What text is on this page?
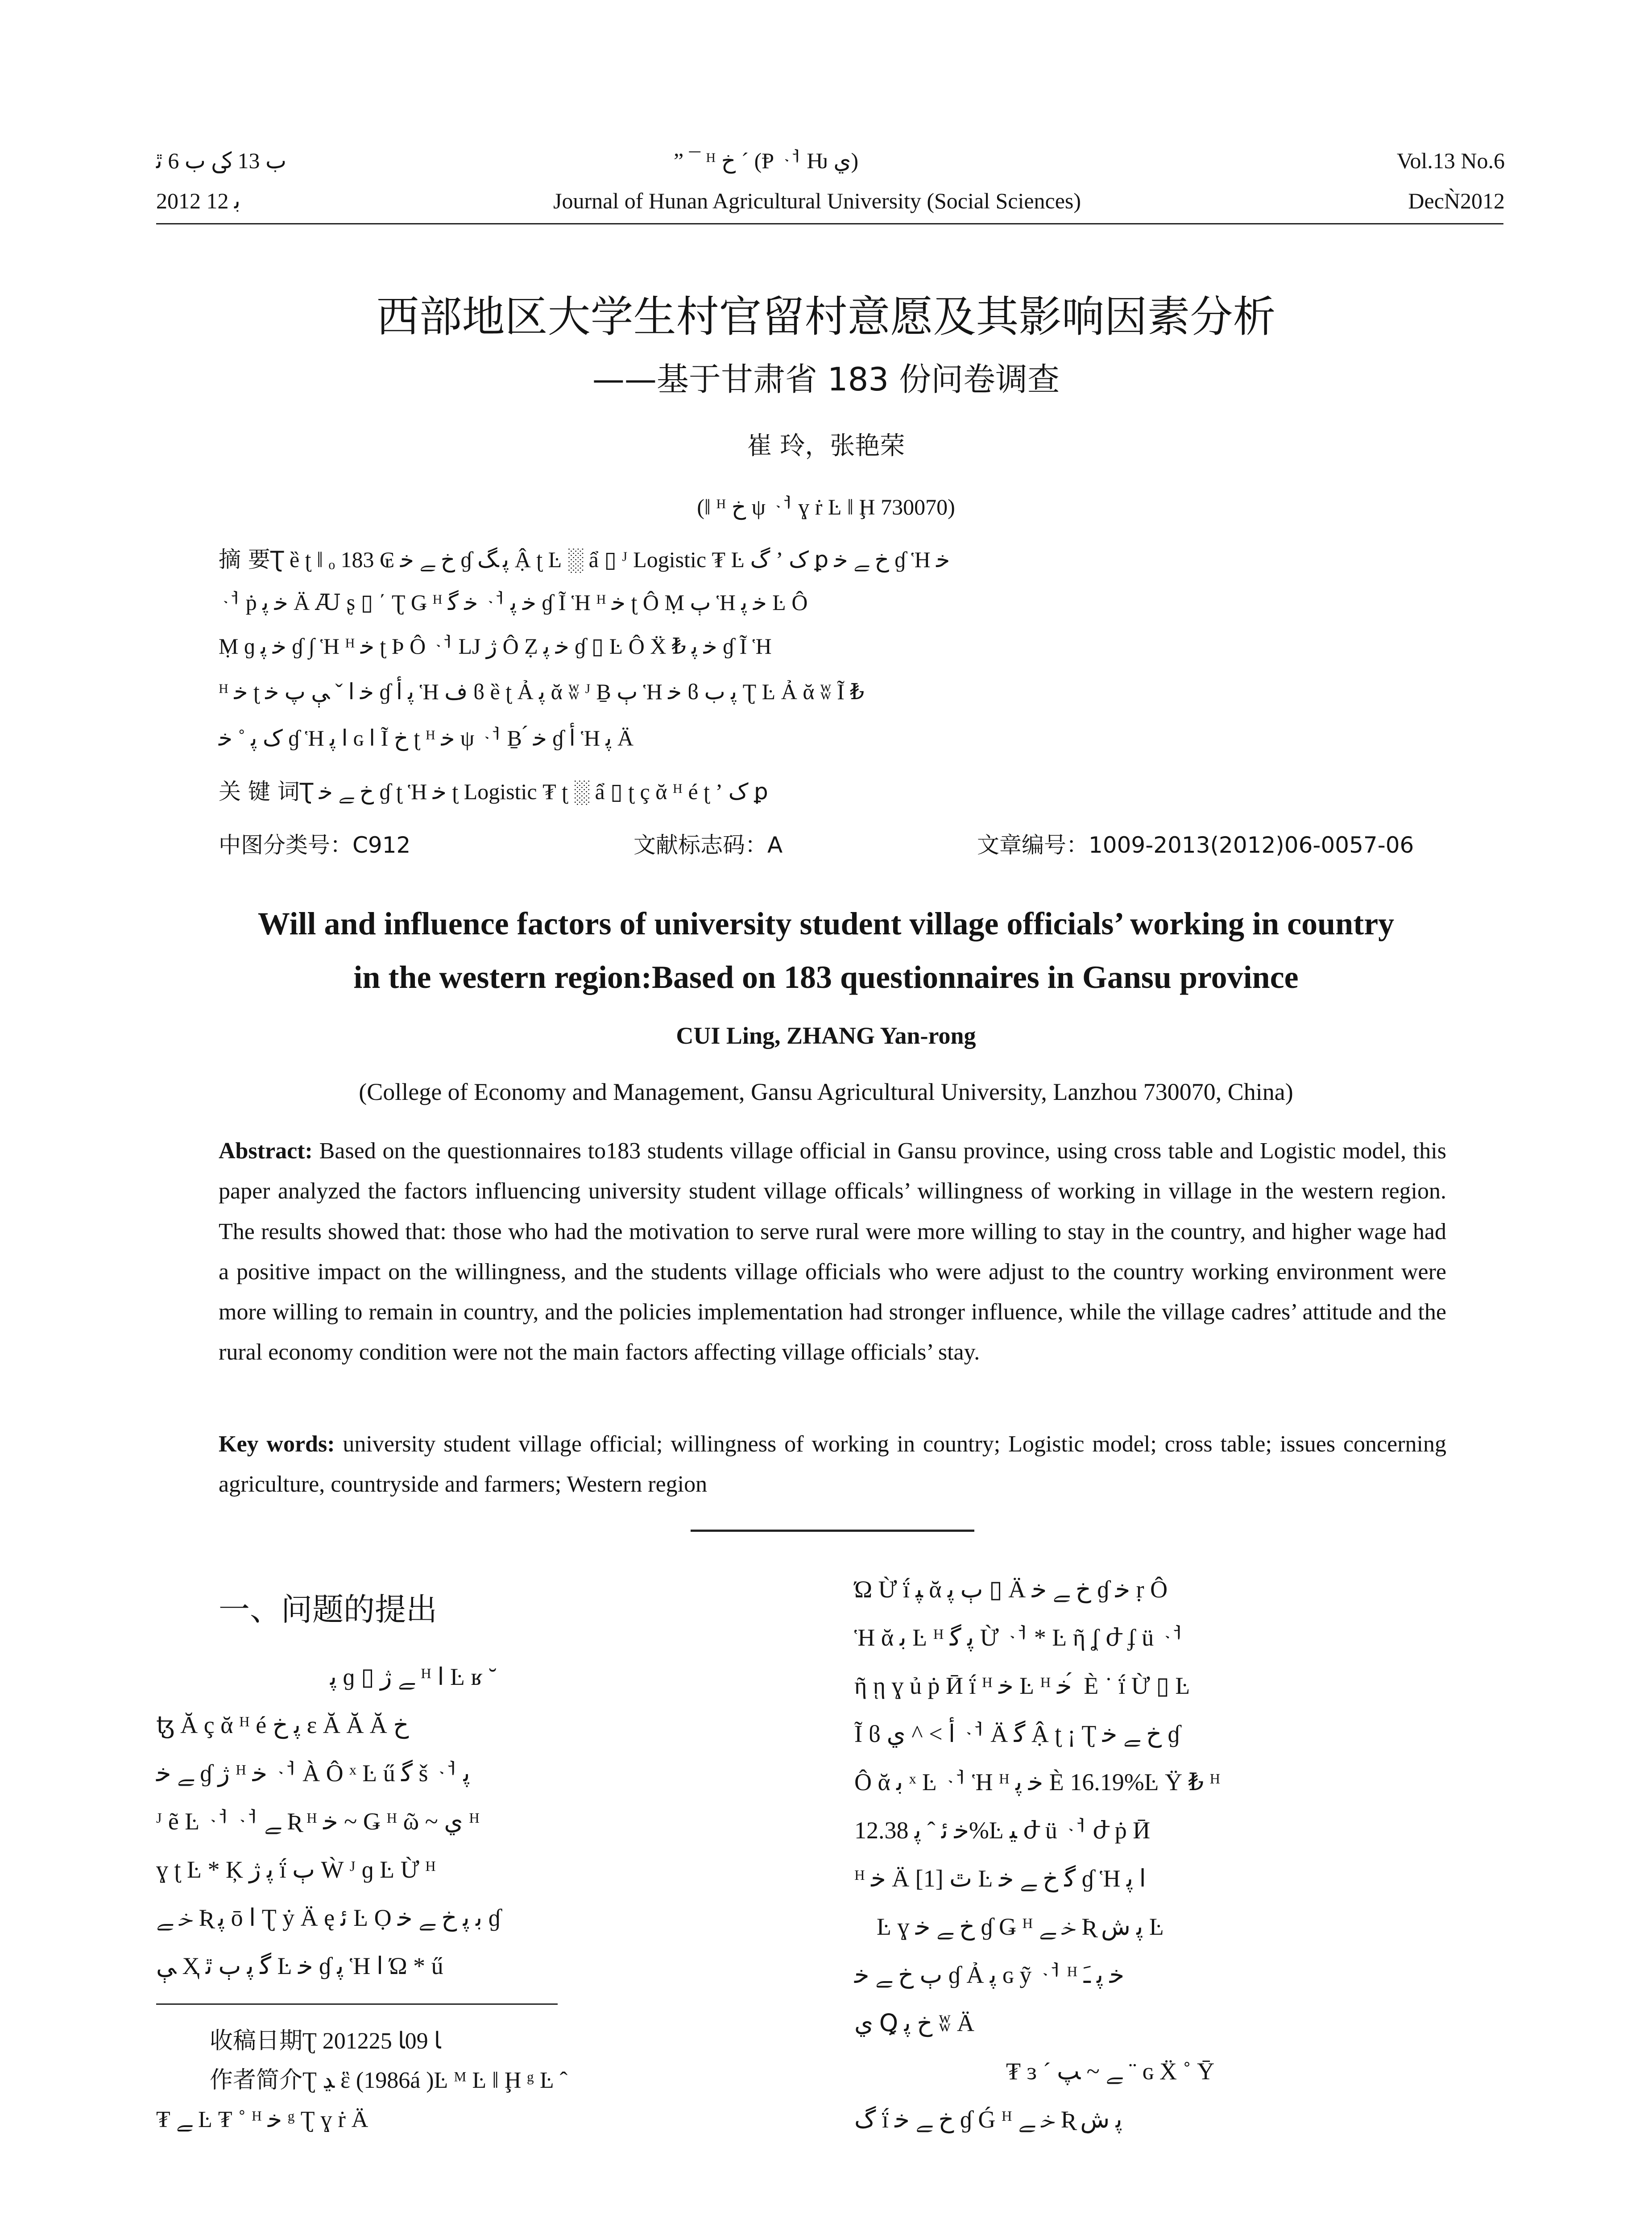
ﺏ 13 ﰽ ﺏ 6 ﭤ
2012 ﺑ 12
” ¯ ᴴ خ ´ (Ᵽ ᆟ Ƕ ي)
Journal of Hunan Agricultural University (Social Sciences)
Vol.13 No.6
DecǸ2012
西部地区大学生村官留村意愿及其影响因素分析
——基于甘肃省 183 份问卷调查
崔 玲，张艳荣
(‖ ᴴ خ ψ ᆟ ɣ ṙ Ŀ ‖ Ḩ 730070)
摘 要Ʈ ȅ ʈ ‖ ₒ 183 ₢ خ ﮯ ﺧ ɠ ﭘ ﮓ Ậ ʈ Ŀ ░ ẩ ▯ ᴶ Logistic ₮ Ŀ ﮒ ʼ ﮎ ꝑ خ ﮯ ﺧ ɠ Ἡ ﺧ
ᆟ ṗ ﺧ ﭘ Ä Ꜷ ʂ ▯ ΄ Ʈ Ǥ ᴴ ﺧ ﮔ ᆟ ﺧ ﭘ ɠ Ĩ Ἡ ᴴ ﺧ ʈ Ô Ṃ ﭒ Ἡ ﺧ ﭘ Ŀ Ô
Ṃ ɡ ﺧ ﭘ ɠ ∫ Ἡ ᴴ ﺧ ʈ Þ Ô ᆟ LJ ژ Ô Ẓ ﺧ ﭘ ɠ ▯ Ŀ Ô Ẍ ₺ ﺧ ﭘ ɠ Ĩ Ἡ
ᴴ ﺧ ʈ ﺧ ا ˇ ﯥ ﭖ ﺧ ɠ ﭘ ﺃ Ἡ ﻑ ϐ ȅ ʈ Ả ﭘ ᾰ ʬ ᴶ Ḇ ﭒ Ἡ ﺧ ϐ ﭘ ﺏ Ʈ Ŀ Ả ᾰ ʬ Ĩ ₺
ﮎ ﭘ ˚ ﺧ ɠ Ἡ ا ﭘ ɢ ﺍ Ĩ خ ʈ ᴴ ﺧ ψ ᆟ Ḇ ́ ﺧ ɠ ﺃ Ἡ ﭘ Ä
关 键 词Ʈ خ ﮯ ﺧ ɠ ʈ Ἡ ﺧ ʈ Logistic ₮ ʈ ░ ẩ ▯ ʈ ç ᾰ ᴴ é ʈ ʼ ﮎ ꝑ
中图分类号：C912	文献标志码：A	文章编号：1009-2013(2012)06-0057-06
Will and influence factors of university student village officials’ working in country
in the western region:Based on 183 questionnaires in Gansu province
CUI Ling, ZHANG Yan-rong
(College of Economy and Management, Gansu Agricultural University, Lanzhou 730070, China)
Abstract: Based on the questionnaires to183 students village official in Gansu province, using cross table and Logistic model, this paper analyzed the factors influencing university student village officals’ willingness of working in village in the western region. The results showed that: those who had the motivation to serve rural were more willing to stay in the country, and higher wage had a positive impact on the willingness, and the students village officials who were adjust to the country working environment were more willing to remain in country, and the policies implementation had stronger influence, while the village cadres’ attitude and the rural economy condition were not the main factors affecting village officials’ stay.
Key words: university student village official; willingness of working in country; Logistic model; cross table; issues concerning agriculture, countryside and farmers; Western region
一、问题的提出
ﭘ ɡ ▯ ﮯ ژ ᴴ ﺍ Ŀ ʁ ˘
ꜩ Ă ç ᾰ ᴴ é ﭘ خ ɛ Ă Ă Ă خ
ﮯ ﺧ ɠ ژ ᴴ ﺧ ᆟ À Ô ˣ Ŀ ű ﮔ š ᆟ ﭘ
ᴶ ẽ Ŀ ᆟ ᆟ ﮯ Ʀ ᴴ ﺧ ~ Ǥ ᴴ ῶ ~ ي ᴴ
ɣ ʈ Ŀ * Ķ ﭘ ژ ḯ ﭒ Ẁ ᴶ ɡ Ŀ Ừ ᴴ
ﺧ ﮯ Ʀ ﭘ ō ا Ʈ ẏ Ä ę ﺋ Ŀ Ọ ﺑ ﭘ خ ﮯ ﺧ ɠ
ﯥ Ҳ ﮔ ﭘ ﭒ ﭤ Ŀ ﺧ ɠ ﭘ Ἡ ا Ώ * ű
收稿日期Ʈ 2012ﺎ 09ﺎ 25
作者简介Ʈ ﮃ ἓ (1986á )Ŀ ᴹ Ŀ ‖ Ḩ ᵍ Ŀ ˆ
₮ ﮯ Ŀ ₮ ˚ ᴴ ﺧ ᵍ Ʈ ɣ ṙ Ä
Ώ Ừ ḯ ﭙ ᾰ ﭒ ﭘ ▯ Ä خ ﮯ ﺧ ɠ ﺧ ṛ Ô
Ἡ ᾰ ﺑ Ŀ ᴴ ﭘ ﮔ Ừ ᆟ * Ŀ ῆ ʆ ժ ʄ ü ᆟ
ῆ ῃ ɣ ủ ṗ Ӣ ḯ ᴴ ﺧ Ŀ ᴴ ﺧ ́ È ˙ ḯ Ừ ▯ Ŀ
Ĩ ϐ ﺃ > ^ ي ᆟ Ä ﮔ Ậ ʈ ¡ Ʈ خ ﮯ ﺧ ɠ
Ô ᾰ ﺑ ˣ Ŀ ᆟ Ἡ ᴴ ﺧ ﭘ È 16.19%Ŀ Ÿ ₺ ᴴ
ﺧ ﺋ ˆ ﭘ 12.38%Ŀ ﯿ ժ ü ᆟ ժ ṗ Ӣ
ᴴ ﺧ Ä [1] ﭢ Ŀ ﮔ خ ﮯ ﺧ ɠ Ἡ ا ﭘ
Ŀ ɣ خ ﮯ ﺧ ɠ Ǥ ᴴ ﺧ ﮯ Ʀ ﭘ ﺵ Ŀ
ﭒ خ ﮯ ﺧ ɠ Ả ﭘ ɢ ỹ ᆟ ᴴ ﺧ ﭘ ﹷ
ي Ꝗ خ ﭘ ʬ Ä
₮ ɜ ´ ﮯ ~ ﭗ ¨ ɢ Ẍ ˚ Ῡ
ﮒ ḯ خ ﮯ ﺧ ɠ Ǵ ᴴ ﺧ ﮯ Ʀ ﭘ ﺵ
